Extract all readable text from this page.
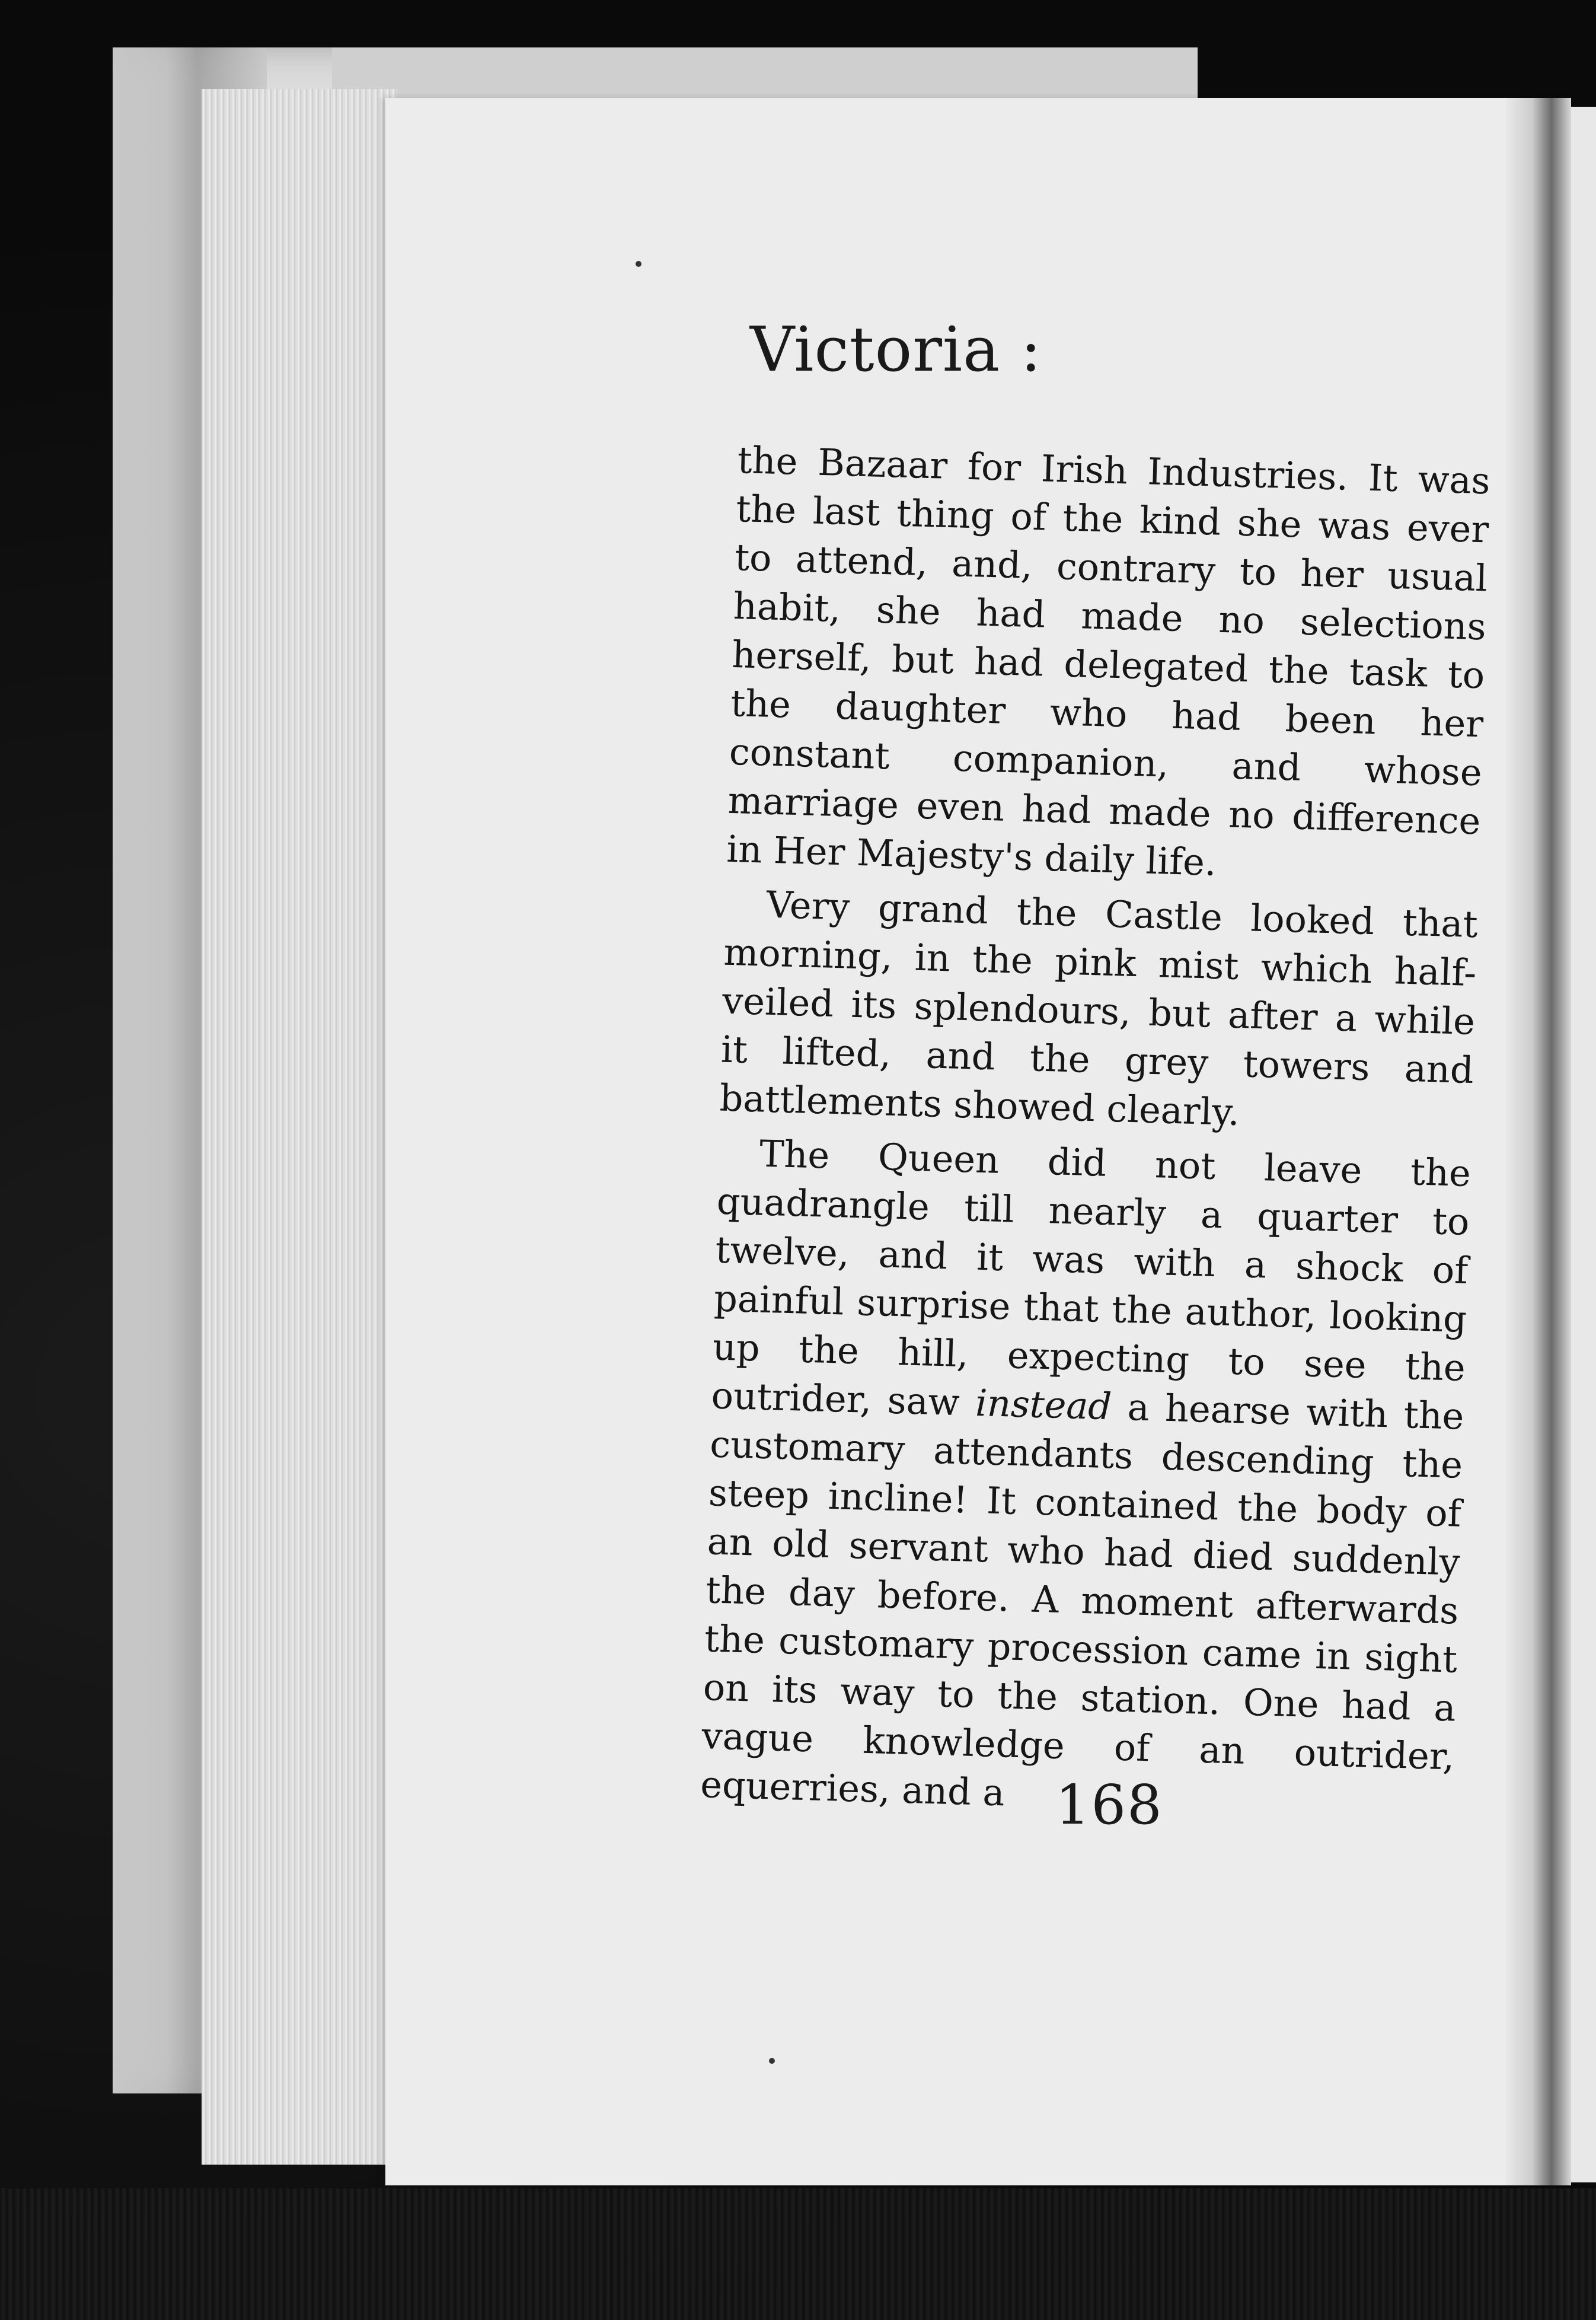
Victoria :

the Bazaar for Irish Industries. It was the last thing of the kind she was ever to attend, and, contrary to her usual habit, she had made no selections herself, but had delegated the task to the daughter who had been her constant companion, and whose marriage even had made no difference in Her Majesty's daily life.

Very grand the Castle looked that morning, in the pink mist which half-veiled its splendours, but after a while it lifted, and the grey towers and battlements showed clearly.

The Queen did not leave the quadrangle till nearly a quarter to twelve, and it was with a shock of painful surprise that the author, looking up the hill, expecting to see the outrider, saw instead a hearse with the customary attendants descending the steep incline! It contained the body of an old servant who had died suddenly the day before. A moment afterwards the customary procession came in sight on its way to the station. One had a vague knowledge of an outrider, equerries, and a 168
